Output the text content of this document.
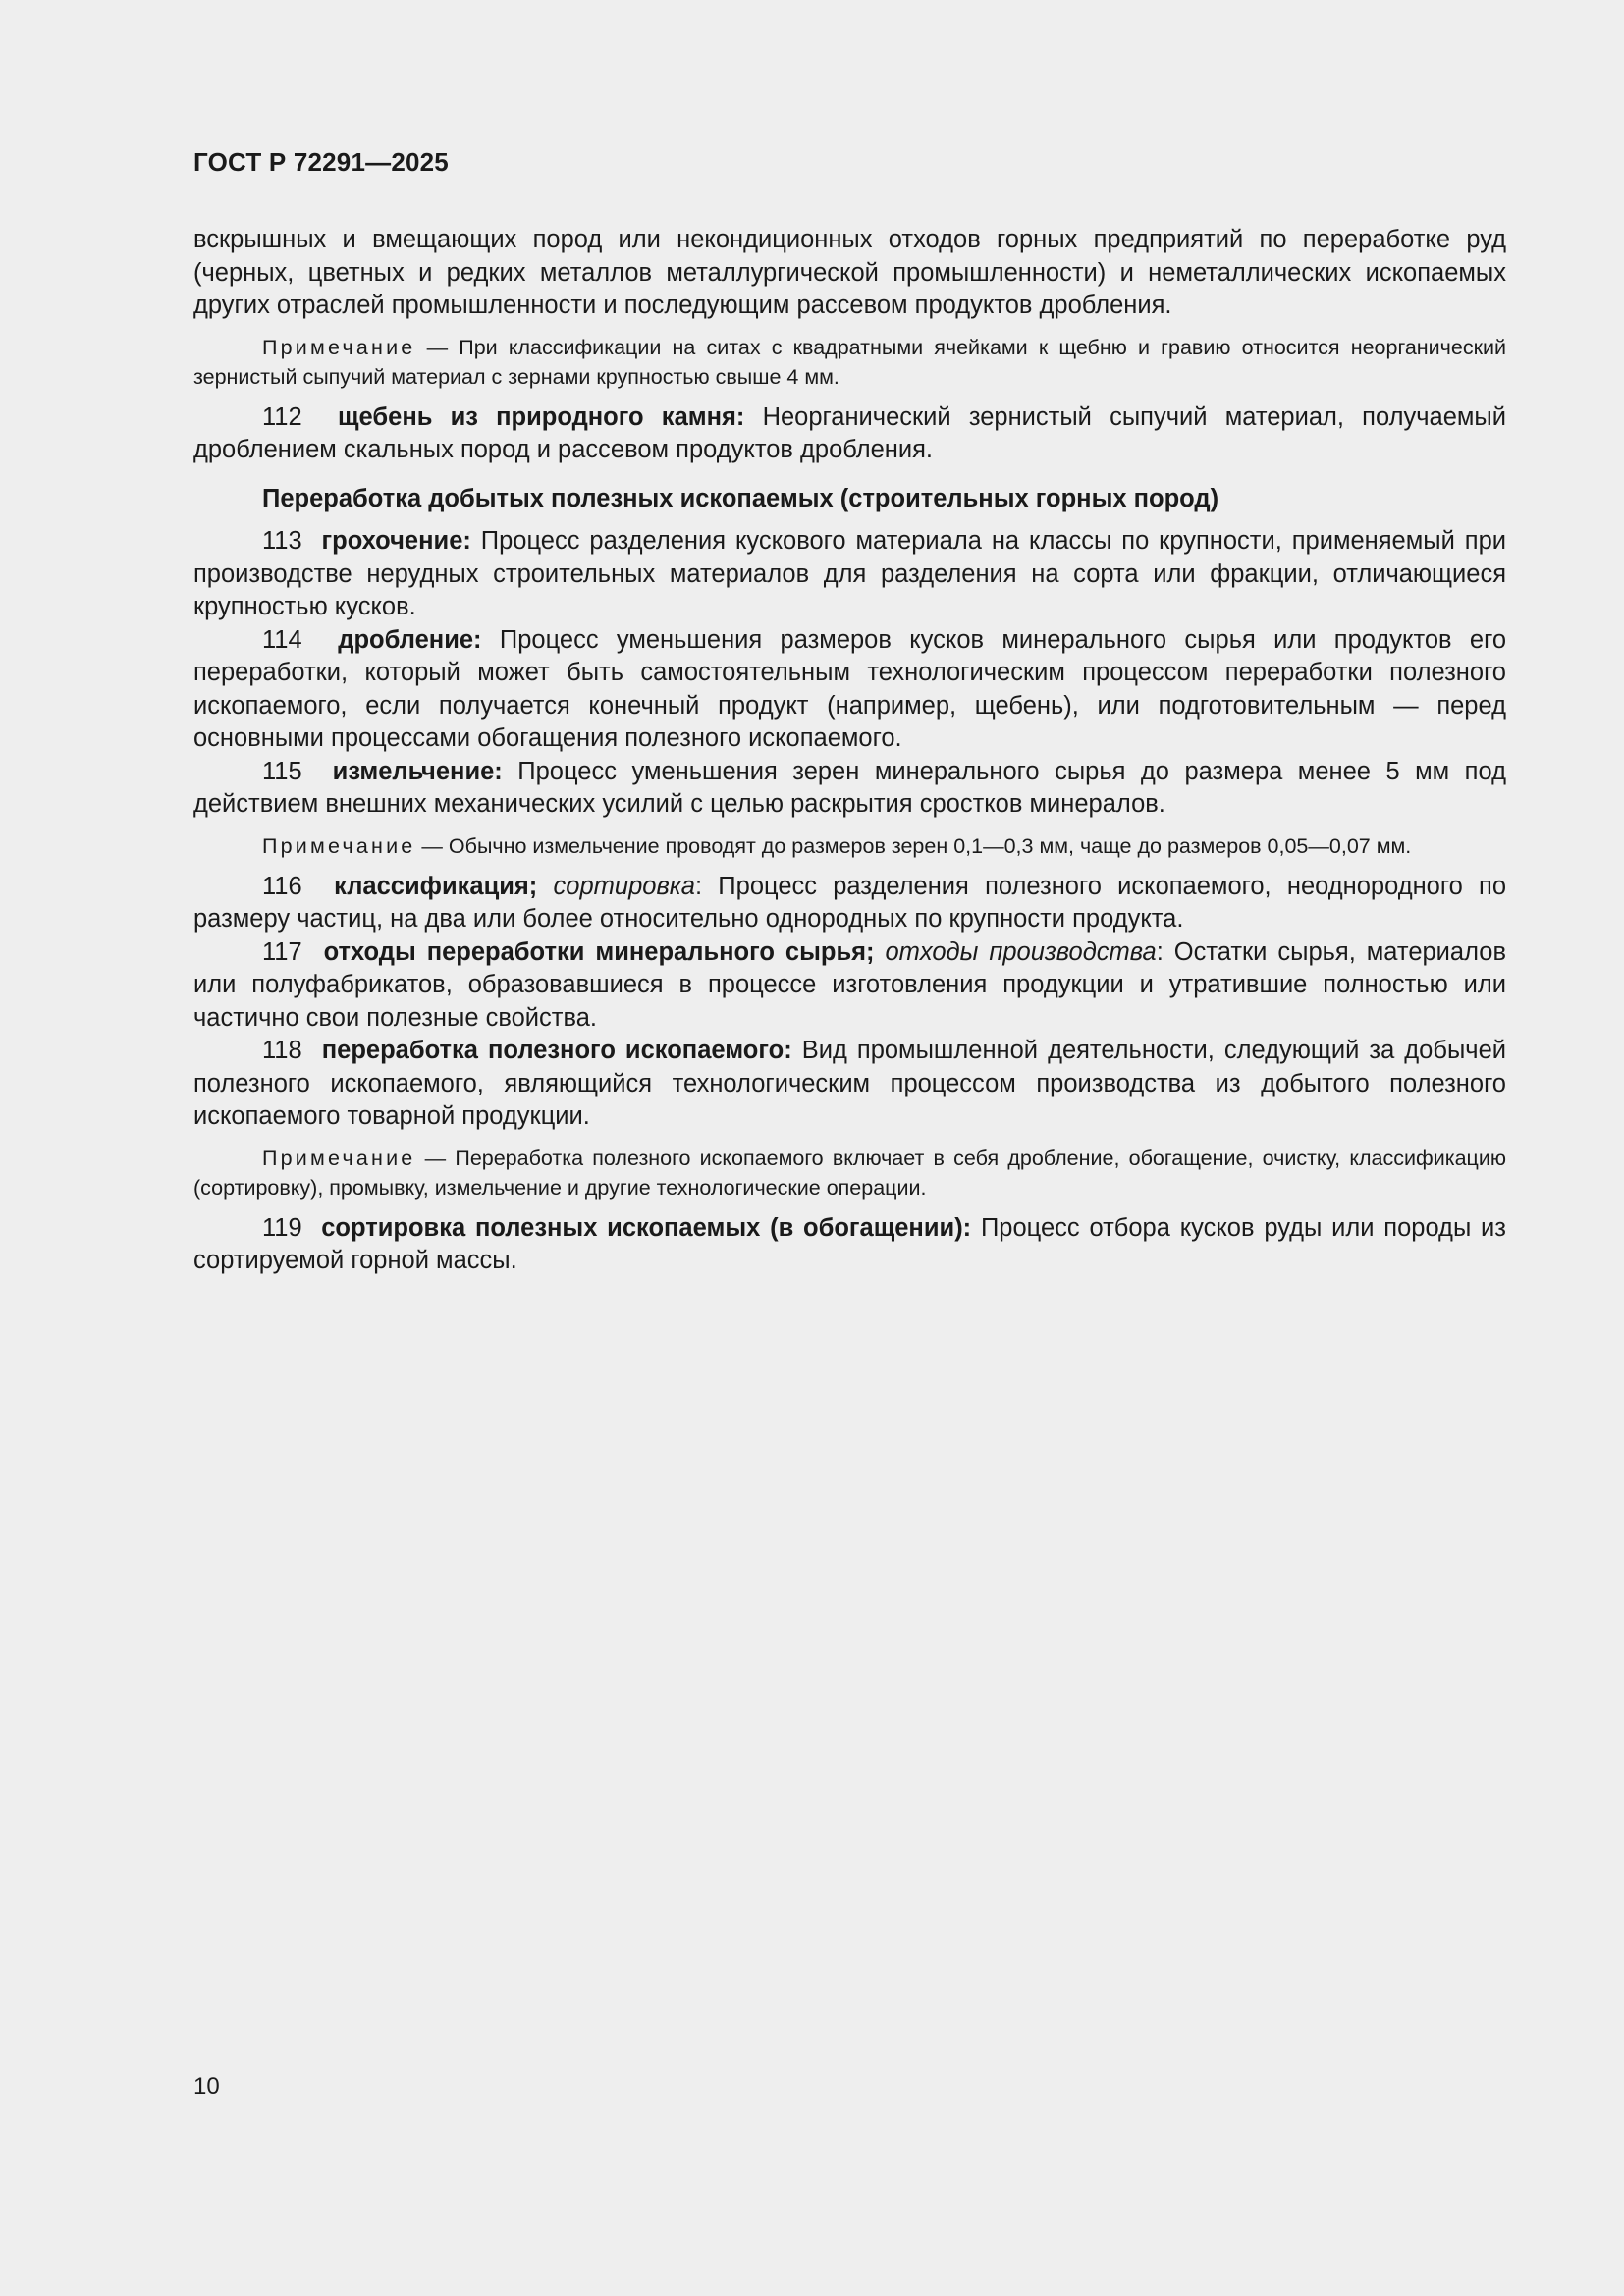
ГОСТ Р 72291—2025

вскрышных и вмещающих пород или некондиционных отходов горных предприятий по переработке руд (черных, цветных и редких металлов металлургической промышленности) и неметаллических ископаемых других отраслей промышленности и последующим рассевом продуктов дробления.

Примечание — При классификации на ситах с квадратными ячейками к щебню и гравию относится неорганический зернистый сыпучий материал с зернами крупностью свыше 4 мм.

112 щебень из природного камня: Неорганический зернистый сыпучий материал, получаемый дроблением скальных пород и рассевом продуктов дробления.

Переработка добытых полезных ископаемых (строительных горных пород)

113 грохочение: Процесс разделения кускового материала на классы по крупности, применяемый при производстве нерудных строительных материалов для разделения на сорта или фракции, отличающиеся крупностью кусков.

114 дробление: Процесс уменьшения размеров кусков минерального сырья или продуктов его переработки, который может быть самостоятельным технологическим процессом переработки полезного ископаемого, если получается конечный продукт (например, щебень), или подготовительным — перед основными процессами обогащения полезного ископаемого.

115 измельчение: Процесс уменьшения зерен минерального сырья до размера менее 5 мм под действием внешних механических усилий с целью раскрытия сростков минералов.

Примечание — Обычно измельчение проводят до размеров зерен 0,1—0,3 мм, чаще до размеров 0,05—0,07 мм.

116 классификация; сортировка: Процесс разделения полезного ископаемого, неоднородного по размеру частиц, на два или более относительно однородных по крупности продукта.

117 отходы переработки минерального сырья; отходы производства: Остатки сырья, материалов или полуфабрикатов, образовавшиеся в процессе изготовления продукции и утратившие полностью или частично свои полезные свойства.

118 переработка полезного ископаемого: Вид промышленной деятельности, следующий за добычей полезного ископаемого, являющийся технологическим процессом производства из добытого полезного ископаемого товарной продукции.

Примечание — Переработка полезного ископаемого включает в себя дробление, обогащение, очистку, классификацию (сортировку), промывку, измельчение и другие технологические операции.

119 сортировка полезных ископаемых (в обогащении): Процесс отбора кусков руды или породы из сортируемой горной массы.

10
